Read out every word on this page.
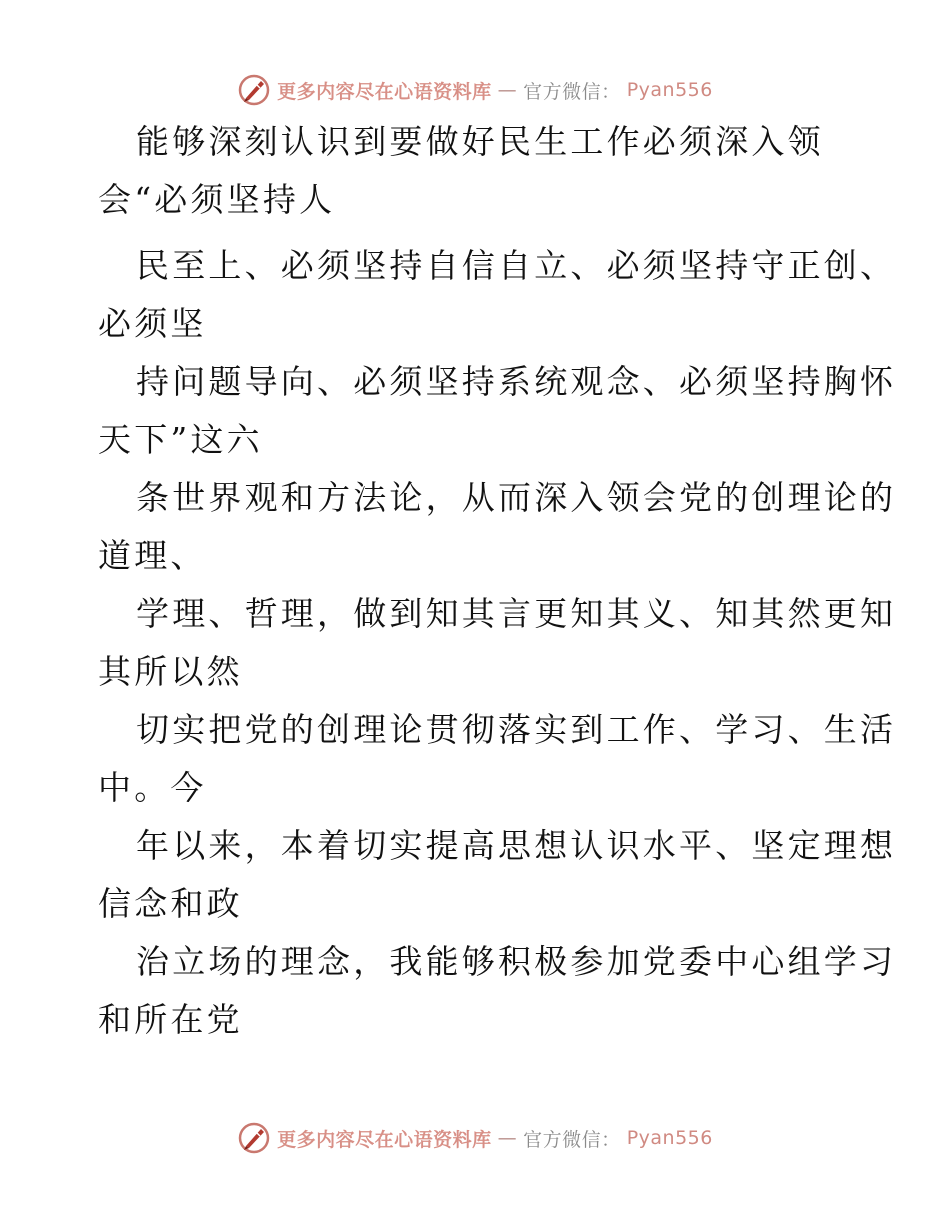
更多内容尽在心语资料库 — 官方微信： Pyan556
能够深刻认识到要做好民生工作必须深入领
会“必须坚持人
民至上、必须坚持自信自立、必须坚持守正创、
必须坚
持问题导向、必须坚持系统观念、必须坚持胸怀
天下”这六
条世界观和方法论，从而深入领会党的创理论的
道理、
学理、哲理，做到知其言更知其义、知其然更知
其所以然
切实把党的创理论贯彻落实到工作、学习、生活
中。今
年以来，本着切实提高思想认识水平、坚定理想
信念和政
治立场的理念，我能够积极参加党委中心组学习
和所在党
更多内容尽在心语资料库 — 官方微信： Pyan556
